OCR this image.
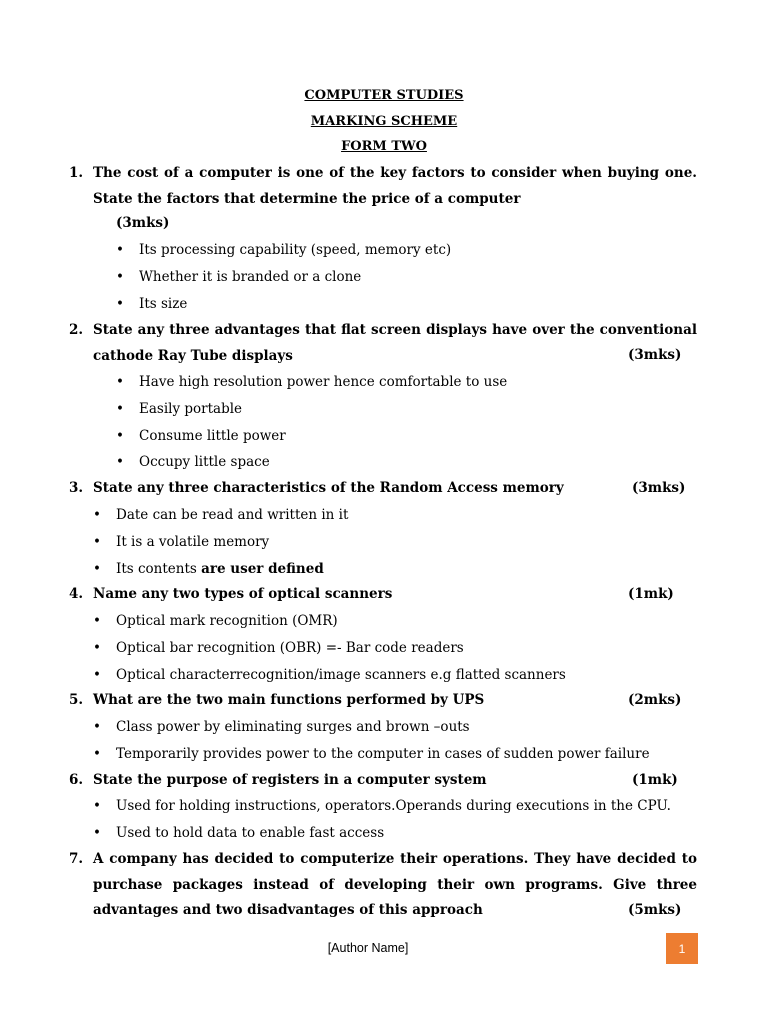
COMPUTER STUDIES
MARKING SCHEME
FORM TWO
1. The cost of a computer is one of the key factors to consider when buying one. State the factors that determine the price of a computer
(3mks)
• Its processing capability (speed, memory etc)
• Whether it is branded or a clone
• Its size
2. State any three advantages that flat screen displays have over the conventional cathode Ray Tube displays	(3mks)
• Have high resolution power hence comfortable to use
• Easily portable
• Consume little power
• Occupy little space
3. State any three characteristics of the Random Access memory	(3mks)
• Date can be read and written in it
• It is a volatile memory
• Its contents are user defined
4. Name any two types of optical scanners	(1mk)
• Optical mark recognition (OMR)
• Optical bar recognition (OBR) =- Bar code readers
• Optical characterrecognition/image scanners e.g flatted scanners
5. What are the two main functions performed by UPS	(2mks)
• Class power by eliminating surges and brown –outs
• Temporarily provides power to the computer in cases of sudden power failure
6. State the purpose of registers in a computer system	(1mk)
• Used for holding instructions, operators.Operands during executions in the CPU.
• Used to hold data to enable fast access
7. A company has decided to computerize their operations. They have decided to purchase packages instead of developing their own programs. Give three advantages and two disadvantages of this approach	(5mks)
[Author Name]	1
